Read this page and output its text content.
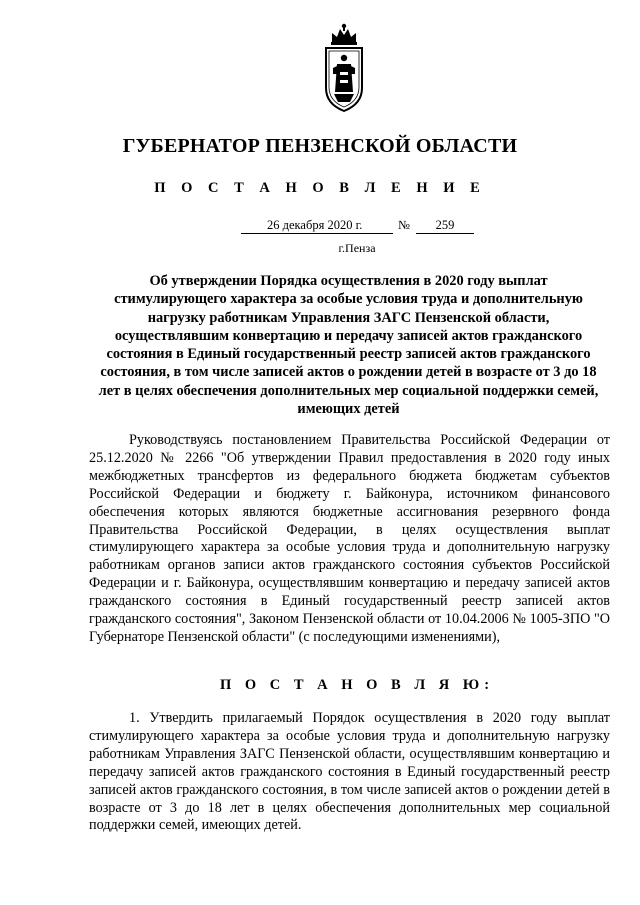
ГУБЕРНАТОР ПЕНЗЕНСКОЙ ОБЛАСТИ
П О С Т А Н О В Л Е Н И Е
26 декабря 2020 г.	№	259
г.Пенза
Об утверждении Порядка осуществления в 2020 году выплат стимулирующего характера за особые условия труда и дополнительную нагрузку работникам Управления ЗАГС Пензенской области, осуществлявшим конвертацию и передачу записей актов гражданского состояния в Единый государственный реестр записей актов гражданского состояния, в том числе записей актов о рождении детей в возрасте от 3 до 18 лет в целях обеспечения дополнительных мер социальной поддержки семей, имеющих детей
Руководствуясь постановлением Правительства Российской Федерации от 25.12.2020 № 2266 "Об утверждении Правил предоставления в 2020 году иных межбюджетных трансфертов из федерального бюджета бюджетам субъектов Российской Федерации и бюджету г. Байконура, источником финансового обеспечения которых являются бюджетные ассигнования резервного фонда Правительства Российской Федерации, в целях осуществления выплат стимулирующего характера за особые условия труда и дополнительную нагрузку работникам органов записи актов гражданского состояния субъектов Российской Федерации и г. Байконура, осуществлявшим конвертацию и передачу записей актов гражданского состояния в Единый государственный реестр записей актов гражданского состояния", Законом Пензенской области от 10.04.2006 № 1005-ЗПО "О Губернаторе Пензенской области" (с последующими изменениями),
П О С Т А Н О В Л Я Ю:
1. Утвердить прилагаемый Порядок осуществления в 2020 году выплат стимулирующего характера за особые условия труда и дополнительную нагрузку работникам Управления ЗАГС Пензенской области, осуществлявшим конвертацию и передачу записей актов гражданского состояния в Единый государственный реестр записей актов гражданского состояния, в том числе записей актов о рождении детей в возрасте от 3 до 18 лет в целях обеспечения дополнительных мер социальной поддержки семей, имеющих детей.
